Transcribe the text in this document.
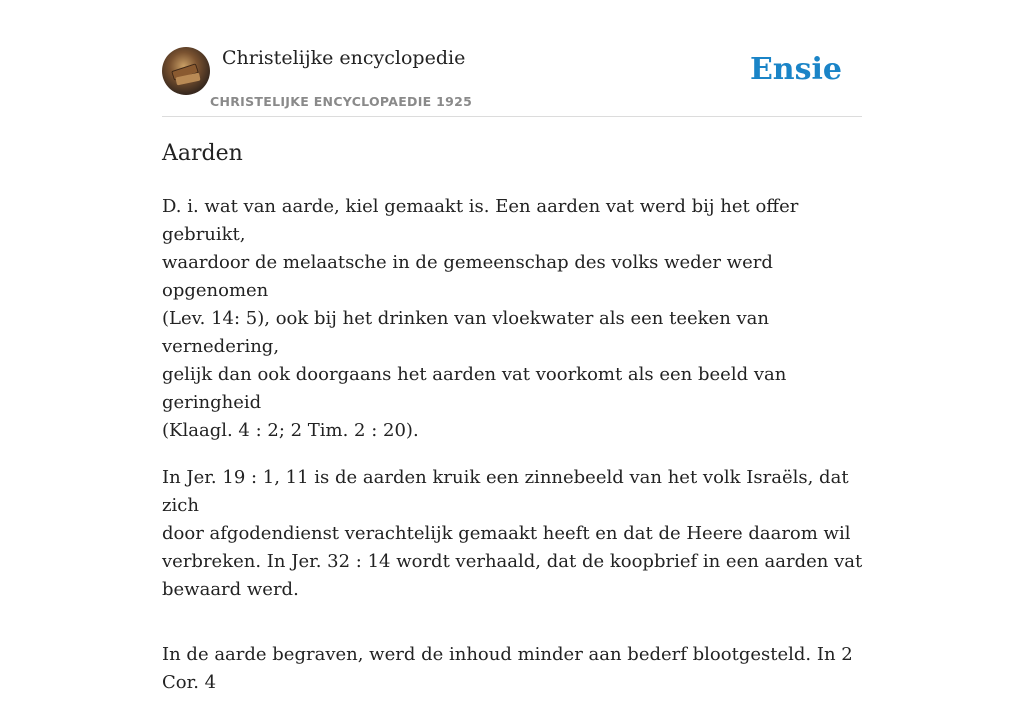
Christelijke encyclopedie
CHRISTELIJKE ENCYCLOPAEDIE 1925
Ensie
Aarden

D. i. wat van aarde, kiel gemaakt is. Een aarden vat werd bij het offer gebruikt,
waardoor de melaatsche in de gemeenschap des volks weder werd opgenomen
(Lev. 14: 5), ook bij het drinken van vloekwater als een teeken van vernedering,
gelijk dan ook doorgaans het aarden vat voorkomt als een beeld van geringheid
(Klaagl. 4 : 2; 2 Tim. 2 : 20).

In Jer. 19 : 1, 11 is de aarden kruik een zinnebeeld van het volk Israëls, dat zich
door afgodendienst verachtelijk gemaakt heeft en dat de Heere daarom wil
verbreken. In Jer. 32 : 14 wordt verhaald, dat de koopbrief in een aarden vat
bewaard werd.

In de aarde begraven, werd de inhoud minder aan bederf blootgesteld. In 2 Cor. 4
